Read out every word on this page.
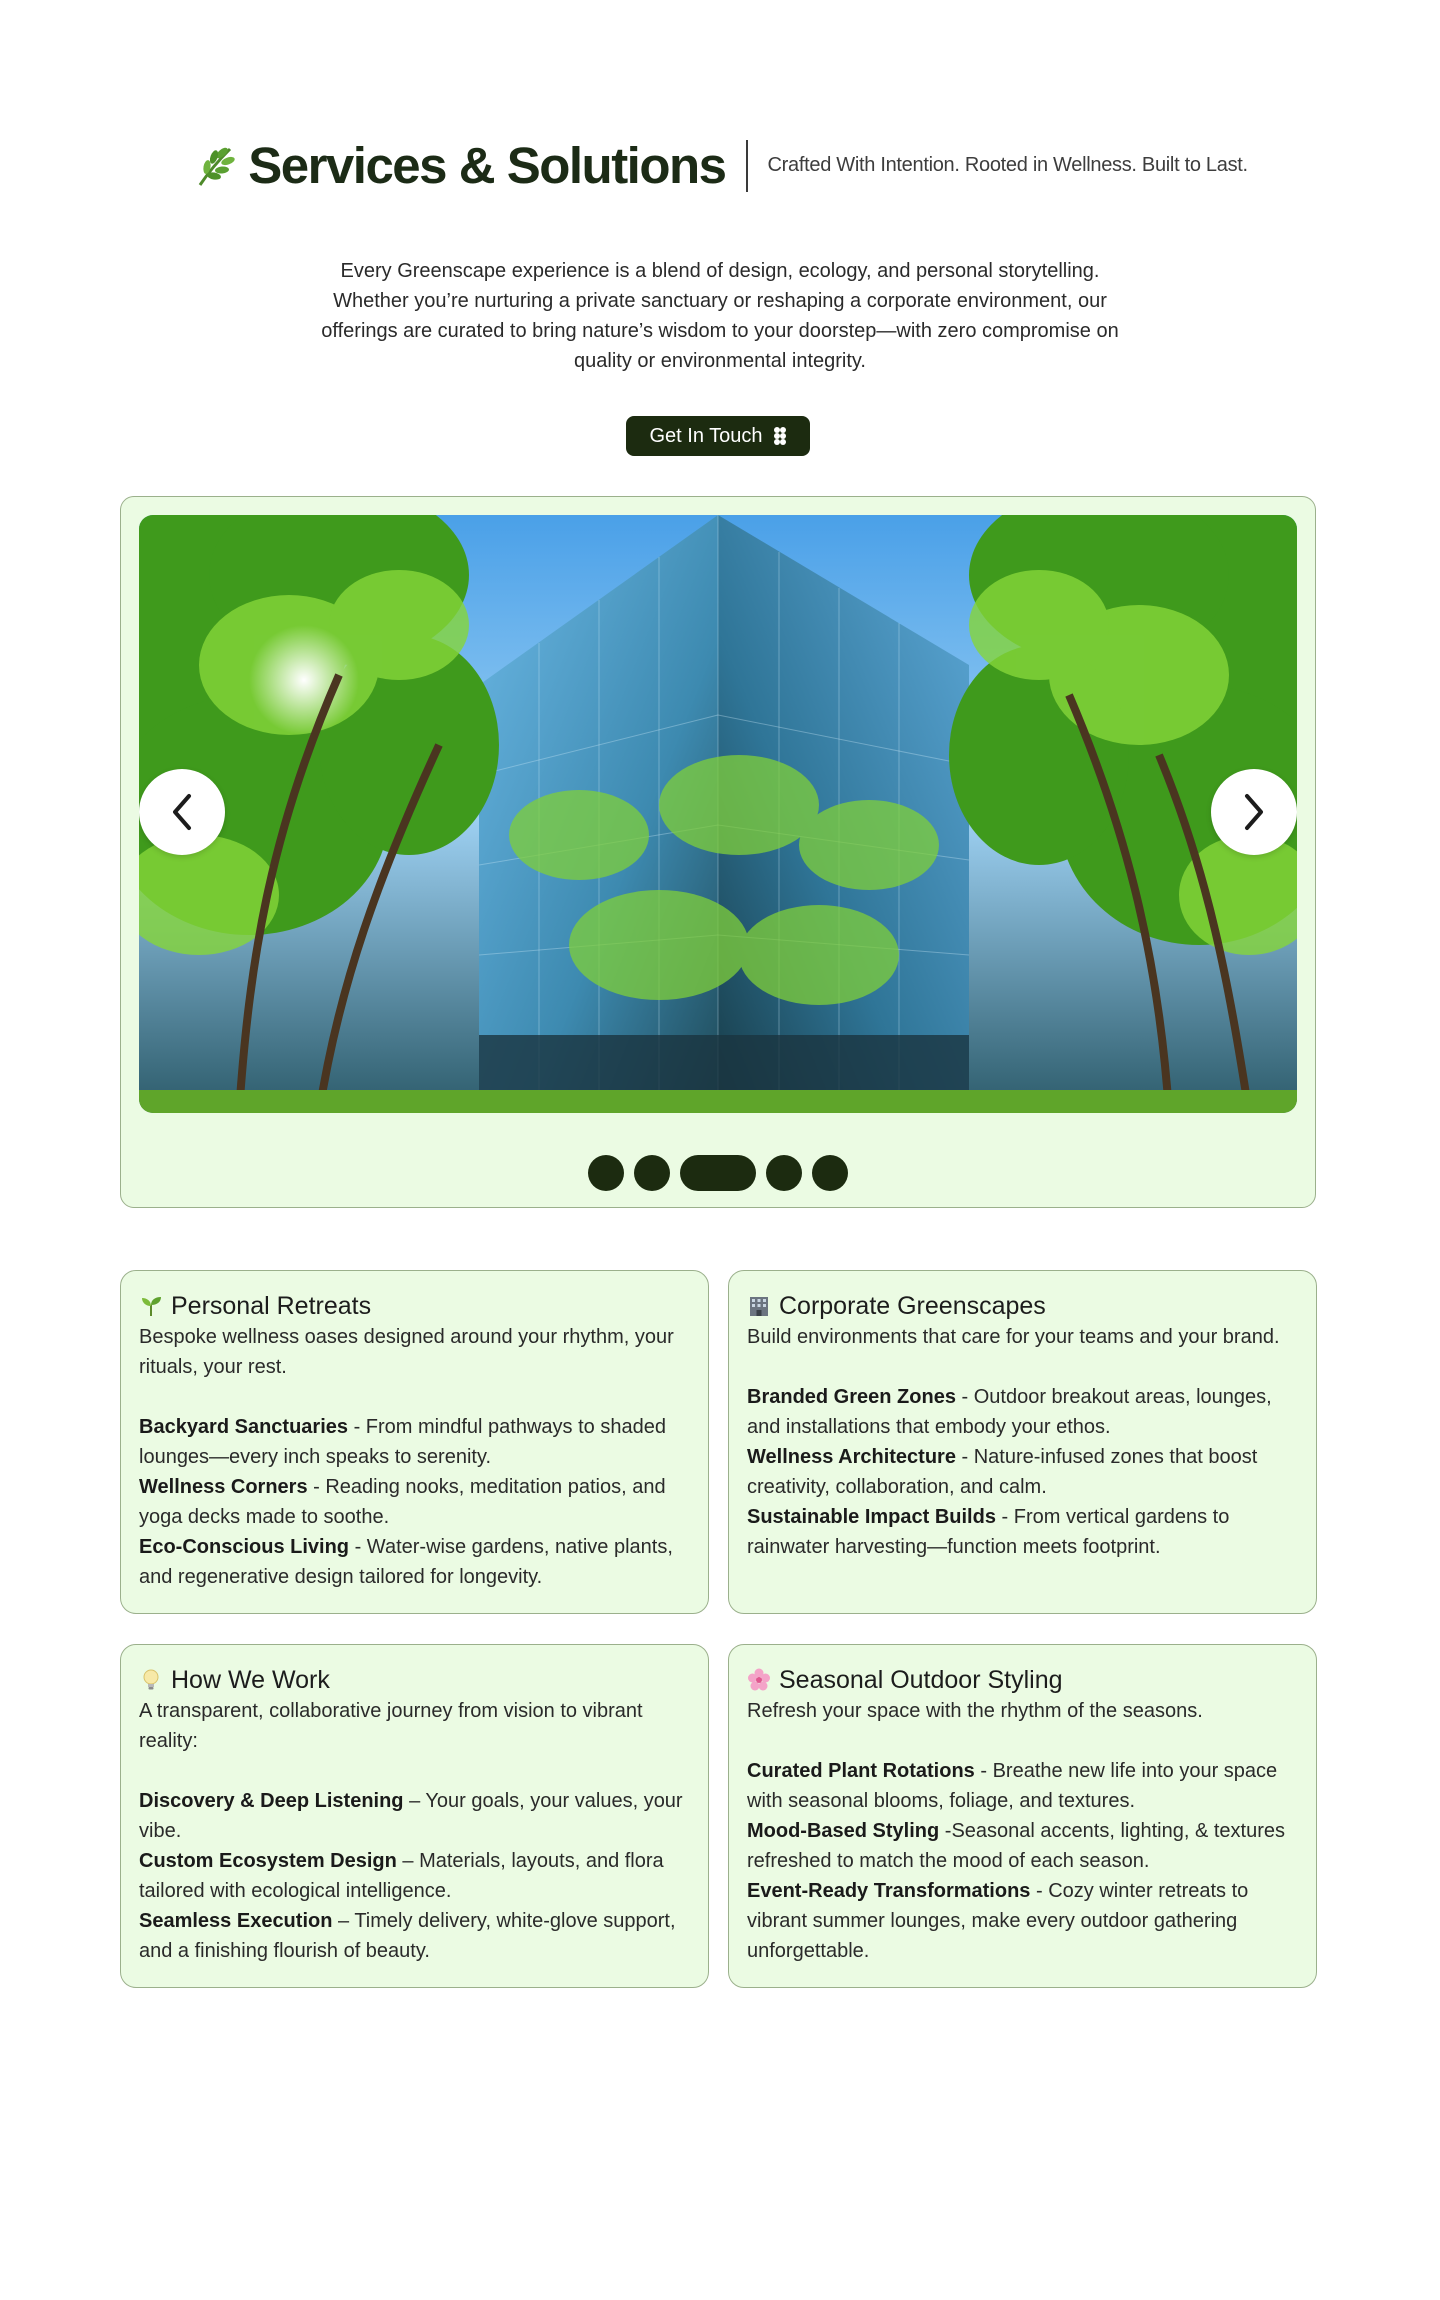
Services & Solutions Crafted With Intention. Rooted in Wellness. Built to Last.

Every Greenscape experience is a blend of design, ecology, and personal storytelling. Whether you’re nurturing a private sanctuary or reshaping a corporate environment, our offerings are curated to bring nature’s wisdom to your doorstep—with zero compromise on quality or environmental integrity.

Get In Touch
Personal Retreats

Bespoke wellness oases designed around your rhythm, your rituals, your rest.

Backyard Sanctuaries - From mindful pathways to shaded lounges—every inch speaks to serenity.
Wellness Corners - Reading nooks, meditation patios, and yoga decks made to soothe.
Eco-Conscious Living - Water-wise gardens, native plants, and regenerative design tailored for longevity.
Corporate Greenscapes

Build environments that care for your teams and your brand.

Branded Green Zones - Outdoor breakout areas, lounges, and installations that embody your ethos.
Wellness Architecture - Nature-infused zones that boost creativity, collaboration, and calm.
Sustainable Impact Builds - From vertical gardens to rainwater harvesting—function meets footprint.
How We Work

A transparent, collaborative journey from vision to vibrant reality:

Discovery & Deep Listening – Your goals, your values, your vibe.
Custom Ecosystem Design – Materials, layouts, and flora tailored with ecological intelligence.
Seamless Execution – Timely delivery, white-glove support, and a finishing flourish of beauty.
Seasonal Outdoor Styling

Refresh your space with the rhythm of the seasons.

Curated Plant Rotations - Breathe new life into your space with seasonal blooms, foliage, and textures.
Mood-Based Styling -Seasonal accents, lighting, & textures refreshed to match the mood of each season.
Event-Ready Transformations - Cozy winter retreats to vibrant summer lounges, make every outdoor gathering unforgettable.
